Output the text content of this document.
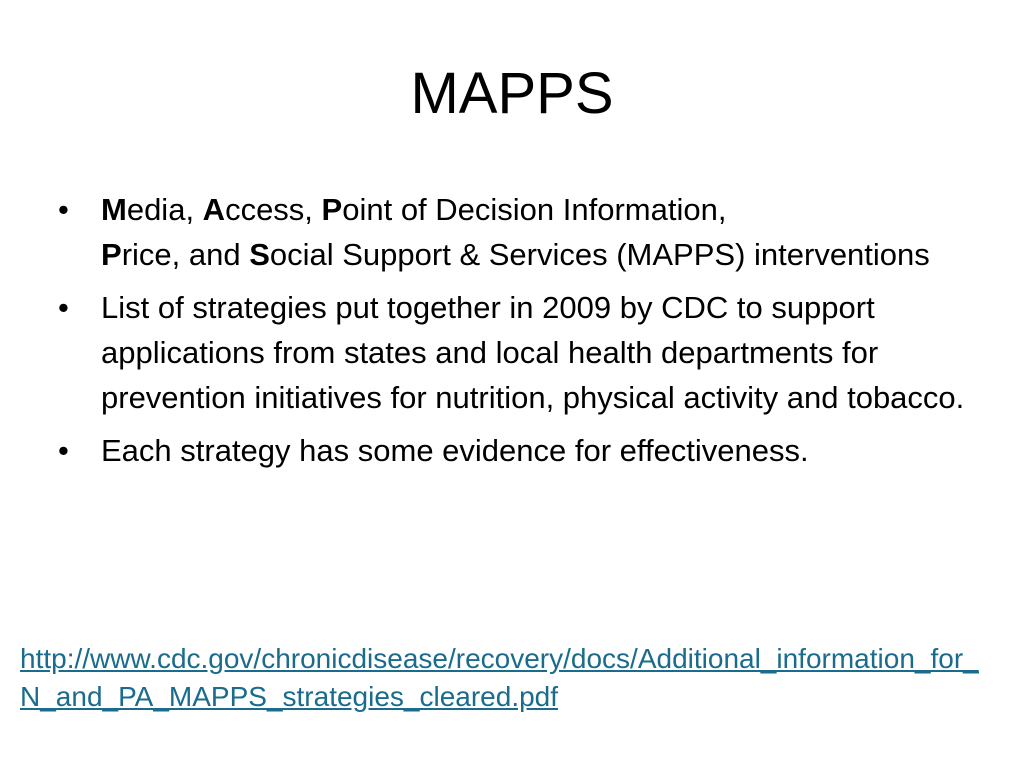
MAPPS
• Media, Access, Point of Decision Information,
Price, and Social Support & Services (MAPPS) interventions
• List of strategies put together in 2009 by CDC to support applications from states and local health departments for prevention initiatives for nutrition, physical activity and tobacco.
• Each strategy has some evidence for effectiveness.
http://www.cdc.gov/chronicdisease/recovery/docs/Additional_information_for_N_and_PA_MAPPS_strategies_cleared.pdf
